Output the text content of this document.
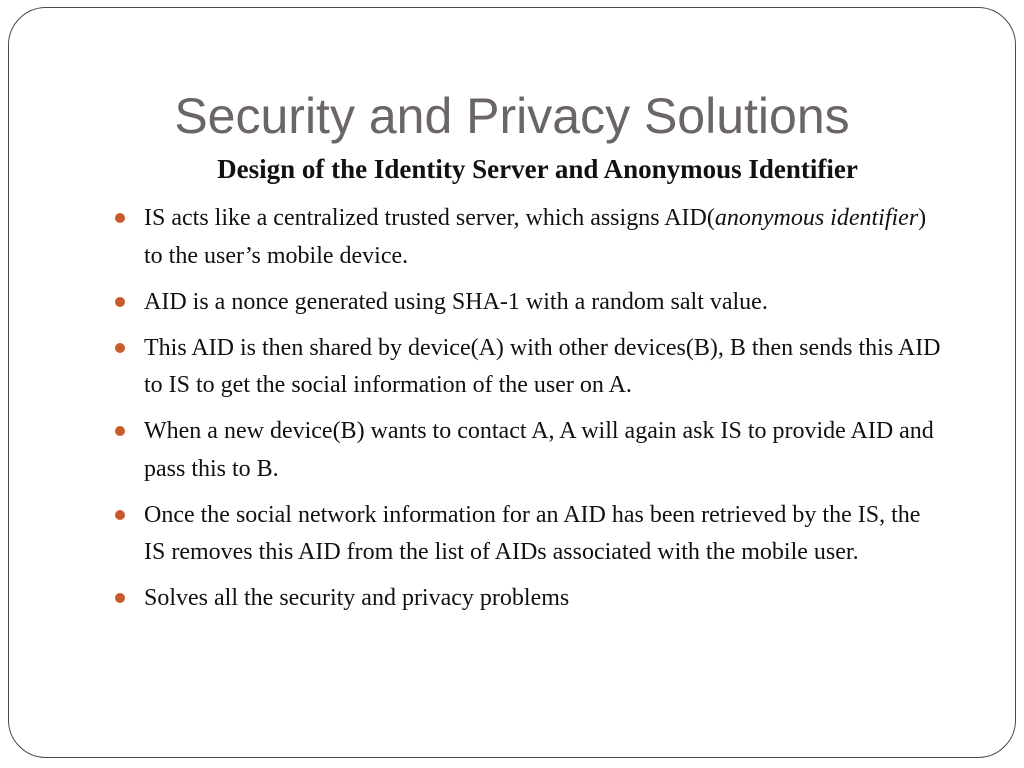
Security and Privacy Solutions
Design of the Identity Server and Anonymous Identifier
IS acts like a centralized trusted server, which assigns AID(anonymous identifier) to the user’s mobile device.
AID is a nonce generated using SHA-1 with a random salt value.
This AID is then shared by device(A) with other devices(B), B then sends this AID to IS to get the social information of the user on A.
When a new device(B) wants to contact A, A will again ask IS to provide AID and pass this to B.
Once the social network information for an AID has been retrieved by the IS, the IS removes this AID from the list of AIDs associated with the mobile user.
Solves all the security and privacy problems
